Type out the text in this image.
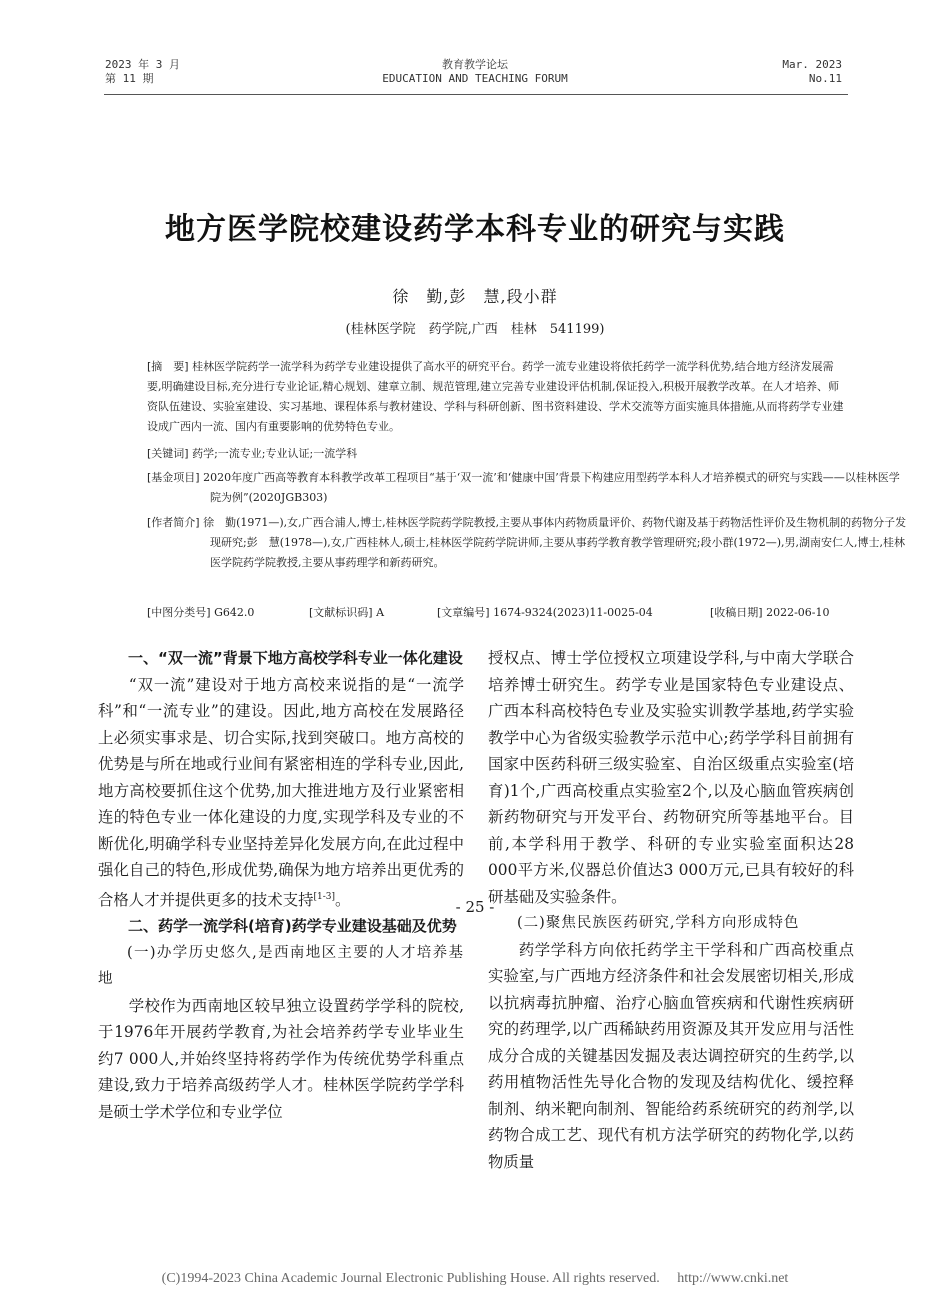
2023 年 3 月
第 11 期
教育教学论坛
EDUCATION AND TEACHING FORUM
Mar. 2023
No.11
地方医学院校建设药学本科专业的研究与实践
徐　勤,彭　慧,段小群
(桂林医学院　药学院,广西　桂林　541199)
[摘　要] 桂林医学院药学一流学科为药学专业建设提供了高水平的研究平台。药学一流专业建设将依托药学一流学科优势,结合地方经济发展需要,明确建设目标,充分进行专业论证,精心规划、建章立制、规范管理,建立完善专业建设评估机制,保证投入,积极开展教学改革。在人才培养、师资队伍建设、实验室建设、实习基地、课程体系与教材建设、学科与科研创新、图书资料建设、学术交流等方面实施具体措施,从而将药学专业建设成广西内一流、国内有重要影响的优势特色专业。
[关键词] 药学;一流专业;专业认证;一流学科
[基金项目] 2020年度广西高等教育本科教学改革工程项目“基于‘双一流’和‘健康中国’背景下构建应用型药学本科人才培养模式的研究与实践——以桂林医学院为例”(2020JGB303)
[作者简介] 徐　勤(1971—),女,广西合浦人,博士,桂林医学院药学院教授,主要从事体内药物质量评价、药物代谢及基于药物活性评价及生物机制的药物分子发现研究;彭　慧(1978—),女,广西桂林人,硕士,桂林医学院药学院讲师,主要从事药学教育教学管理研究;段小群(1972—),男,湖南安仁人,博士,桂林医学院药学院教授,主要从事药理学和新药研究。
[中图分类号] G642.0	[文献标识码] A	[文章编号] 1674-9324(2023)11-0025-04	[收稿日期] 2022-06-10

一、“双一流”背景下地方高校学科专业一体化建设

“双一流”建设对于地方高校来说指的是“一流学科”和“一流专业”的建设。因此,地方高校在发展路径上必须实事求是、切合实际,找到突破口。地方高校的优势是与所在地或行业间有紧密相连的学科专业,因此,地方高校要抓住这个优势,加大推进地方及行业紧密相连的特色专业一体化建设的力度,实现学科及专业的不断优化,明确学科专业坚持差异化发展方向,在此过程中强化自己的特色,形成优势,确保为地方培养出更优秀的合格人才并提供更多的技术支持[1-3]。

二、药学一流学科(培育)药学专业建设基础及优势

(一)办学历史悠久,是西南地区主要的人才培养基地

学校作为西南地区较早独立设置药学学科的院校,于1976年开展药学教育,为社会培养药学专业毕业生约7 000人,并始终坚持将药学作为传统优势学科重点建设,致力于培养高级药学人才。桂林医学院药学学科是硕士学术学位和专业学位

授权点、博士学位授权立项建设学科,与中南大学联合培养博士研究生。药学专业是国家特色专业建设点、广西本科高校特色专业及实验实训教学基地,药学实验教学中心为省级实验教学示范中心;药学学科目前拥有国家中医药科研三级实验室、自治区级重点实验室(培育)1个,广西高校重点实验室2个,以及心脑血管疾病创新药物研究与开发平台、药物研究所等基地平台。目前,本学科用于教学、科研的专业实验室面积达28 000平方米,仪器总价值达3 000万元,已具有较好的科研基础及实验条件。

(二)聚焦民族医药研究,学科方向形成特色

药学学科方向依托药学主干学科和广西高校重点实验室,与广西地方经济条件和社会发展密切相关,形成以抗病毒抗肿瘤、治疗心脑血管疾病和代谢性疾病研究的药理学,以广西稀缺药用资源及其开发应用与活性成分合成的关键基因发掘及表达调控研究的生药学,以药用植物活性先导化合物的发现及结构优化、缓控释制剂、纳米靶向制剂、智能给药系统研究的药剂学,以药物合成工艺、现代有机方法学研究的药物化学,以药物质量

- 25 -
(C)1994-2023 China Academic Journal Electronic Publishing House. All rights reserved.　 http://www.cnki.net
